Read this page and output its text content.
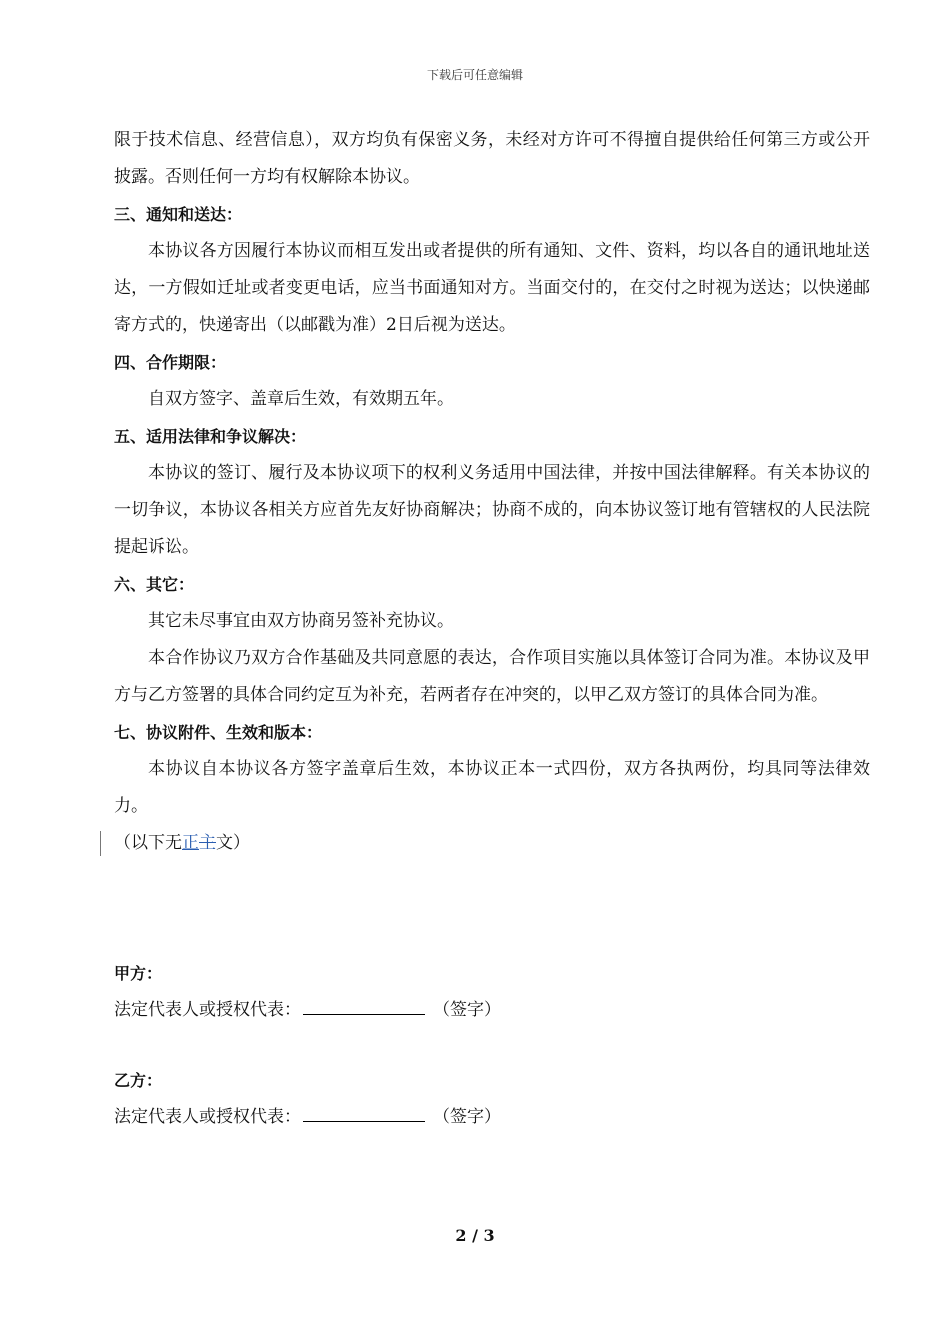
下载后可任意编辑

限于技术信息、经营信息），双方均负有保密义务，未经对方许可不得擅自提供给任何第三方或公开披露。否则任何一方均有权解除本协议。

三、通知和送达：

本协议各方因履行本协议而相互发出或者提供的所有通知、文件、资料，均以各自的通讯地址送达，一方假如迁址或者变更电话，应当书面通知对方。当面交付的，在交付之时视为送达；以快递邮寄方式的，快递寄出（以邮戳为准）2日后视为送达。

四、合作期限：

自双方签字、盖章后生效，有效期五年。

五、适用法律和争议解决：

本协议的签订、履行及本协议项下的权利义务适用中国法律，并按中国法律解释。有关本协议的一切争议，本协议各相关方应首先友好协商解决；协商不成的，向本协议签订地有管辖权的人民法院提起诉讼。

六、其它：

其它未尽事宜由双方协商另签补充协议。

本合作协议乃双方合作基础及共同意愿的表达，合作项目实施以具体签订合同为准。本协议及甲方与乙方签署的具体合同约定互为补充，若两者存在冲突的，以甲乙双方签订的具体合同为准。

七、协议附件、生效和版本：

本协议自本协议各方签字盖章后生效，本协议正本一式四份，双方各执两份，均具同等法律效力。

（以下无正主文）

甲方：
法定代表人或授权代表：	（签字）
乙方：
法定代表人或授权代表：	（签字）
2 / 3
